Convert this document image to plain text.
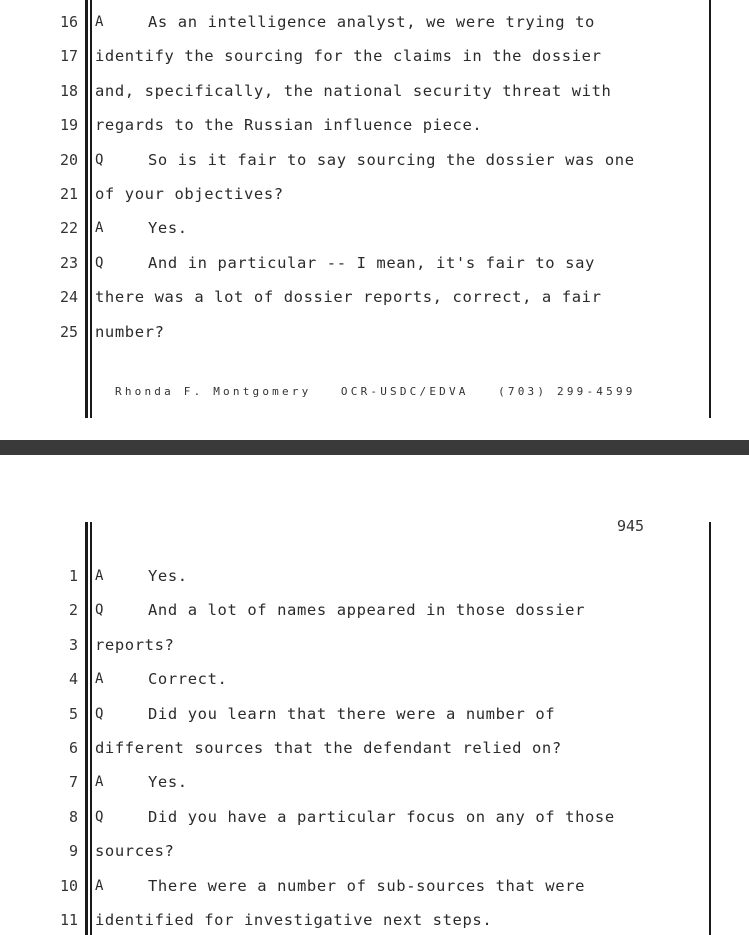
16 A	As an intelligence analyst, we were trying to
17 identify the sourcing for the claims in the dossier
18 and, specifically, the national security threat with
19 regards to the Russian influence piece.
20 Q	So is it fair to say sourcing the dossier was one
21 of your objectives?
22 A	Yes.
23 Q	And in particular -- I mean, it's fair to say
24 there was a lot of dossier reports, correct, a fair
25 number?
Rhonda F. Montgomery   OCR-USDC/EDVA   (703) 299-4599
945
1 A	Yes.
2 Q	And a lot of names appeared in those dossier
3 reports?
4 A	Correct.
5 Q	Did you learn that there were a number of
6 different sources that the defendant relied on?
7 A	Yes.
8 Q	Did you have a particular focus on any of those
9 sources?
10 A	There were a number of sub-sources that were
11 identified for investigative next steps.
